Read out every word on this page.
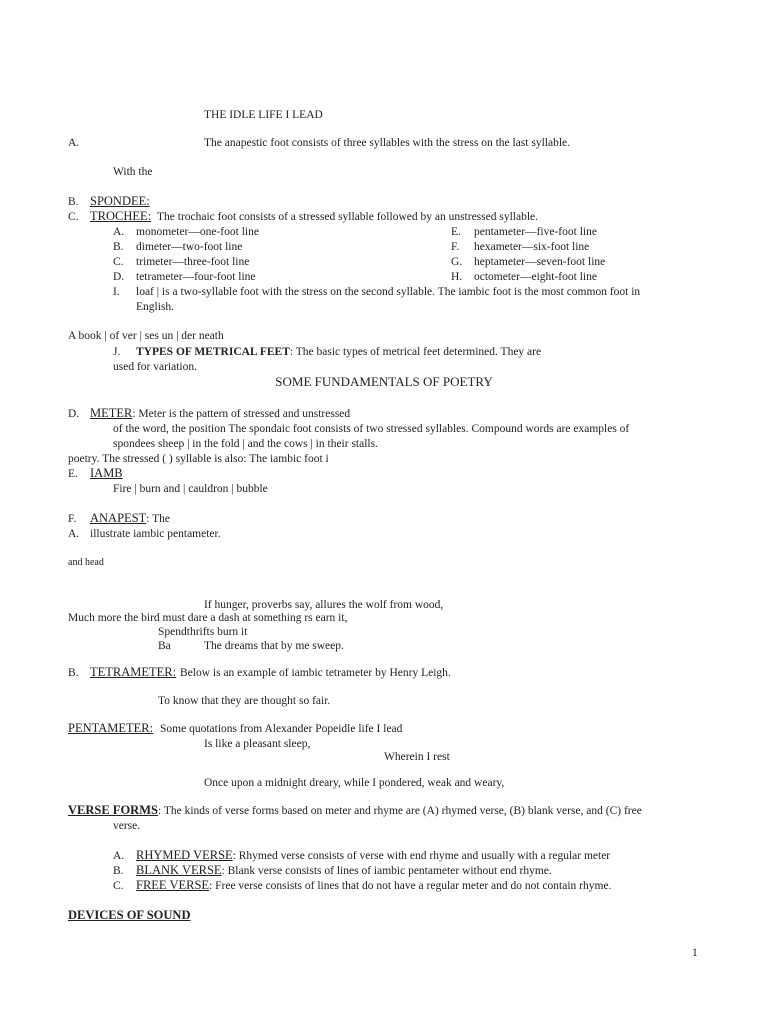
THE IDLE LIFE I LEAD
A.	The anapestic foot consists of three syllables with the stress on the last syllable.
With the
B. SPONDEE:
C. TROCHEE: The trochaic foot consists of a stressed syllable followed by an unstressed syllable.
A. monometer—one-foot line
B. dimeter—two-foot line
C. trimeter—three-foot line
D. tetrameter—four-foot line
E. pentameter—five-foot line
F. hexameter—six-foot line
G. heptameter—seven-foot line
H. octometer—eight-foot line
I. loaf | is a two-syllable foot with the stress on the second syllable. The iambic foot is the most common foot in
English.
A book | of ver | ses un | der neath
J. TYPES OF METRICAL FEET: The basic types of metrical feet determined. They are
used for variation.
SOME FUNDAMENTALS OF POETRY
D. METER: Meter is the pattern of stressed and unstressed
of the word, the position The spondaic foot consists of two stressed syllables. Compound words are examples of
spondees sheep | in the fold | and the cows | in their stalls.
poetry. The stressed ( ) syllable is also: The iambic foot i
E. IAMB
Fire | burn and | cauldron | bubble
F. ANAPEST: The
A. illustrate iambic pentameter.
and head
If hunger, proverbs say, allures the wolf from wood,
Much more the bird must dare a dash at something rs earn it,
Spendthrifts burn it
Ba	The dreams that by me sweep.
B. TETRAMETER: Below is an example of iambic tetrameter by Henry Leigh.
To know that they are thought so fair.
PENTAMETER: Some quotations from Alexander Popeidle life I lead
Is like a pleasant sleep,
Wherein I rest
Once upon a midnight dreary, while I pondered, weak and weary,
VERSE FORMS: The kinds of verse forms based on meter and rhyme are (A) rhymed verse, (B) blank verse, and (C) free
verse.
A. RHYMED VERSE: Rhymed verse consists of verse with end rhyme and usually with a regular meter
B. BLANK VERSE: Blank verse consists of lines of iambic pentameter without end rhyme.
C. FREE VERSE: Free verse consists of lines that do not have a regular meter and do not contain rhyme.
DEVICES OF SOUND
1
